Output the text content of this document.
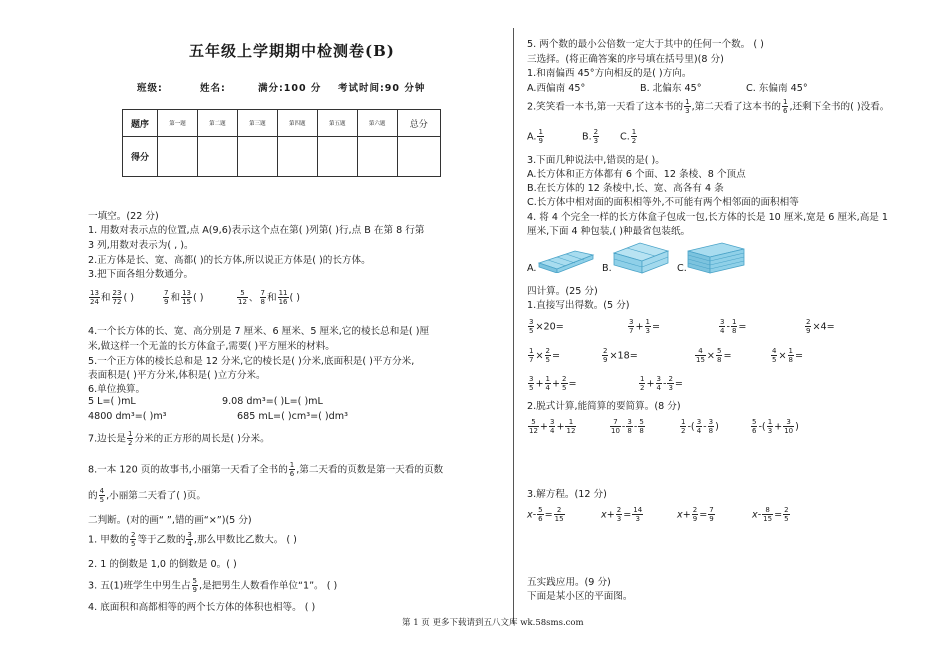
五年级上学期期中检测卷(B)
班级:	姓名:	满分:100 分 考试时间:90 分钟
题序	第一题	第二题	第三题	第四题	第五题	第六题	总分
得分							
一填空。(22 分)
1. 用数对表示点的位置,点 A(9,6)表示这个点在第( )列第( )行,点 B 在第 8 行第
3 列,用数对表示为( , )。
2.正方体是长、宽、高都( )的长方体,所以说正方体是( )的长方体。
3.把下面各组分数通分。
$\frac{13}{24}$ 和 $\frac{23}{72}$ ( )	$\frac{7}{9}$ 和 $\frac{13}{15}$ ( )	$\frac{5}{12}$ 、 $\frac{7}{8}$ 和 $\frac{11}{16}$ ( )
4.一个长方体的长、宽、高分别是 7 厘米、6 厘米、5 厘米,它的棱长总和是( )厘
米,做这样一个无盖的长方体盒子,需要( )平方厘米的材料。
5.一个正方体的棱长总和是 12 分米,它的棱长是( )分米,底面积是( )平方分米,
表面积是( )平方分米,体积是( )立方分米。
6.单位换算。
5 L=( )mL	9.08 dm³=( )L=( )mL
4800 dm³=( )m³	685 mL=( )cm³=( )dm³
7.边长是 $\frac{1}{2}$ 分米的正方形的周长是( )分米。
8.一本 120 页的故事书,小丽第一天看了全书的 $\frac{1}{6}$ ,第二天看的页数是第一天看的页数
的 $\frac{4}{5}$ ,小丽第二天看了( )页。
二判断。(对的画“ ”,错的画“×”)(5 分)
1. 甲数的 $\frac{2}{5}$ 等于乙数的 $\frac{3}{4}$ ,那么甲数比乙数大。 ( )
2. 1 的倒数是 1,0 的倒数是 0。( )
3. 五(1)班学生中男生占 $\frac{5}{9}$ ,是把男生人数看作单位“1”。 ( )
4. 底面积和高都相等的两个长方体的体积也相等。 ( )
5. 两个数的最小公倍数一定大于其中的任何一个数。 ( )
三选择。(将正确答案的序号填在括号里)(8 分)
1.和南偏西 45°方向相反的是( )方向。
A.西偏南 45°	B. 北偏东 45°	C. 东偏南 45°
2.笑笑看一本书,第一天看了这本书的 $\frac{1}{3}$ ,第二天看了这本书的 $\frac{1}{6}$ ,还剩下全书的( )没看。
A. $\frac{1}{9}$	B. $\frac{2}{3} C$. $\frac{1}{2}$
3.下面几种说法中,错误的是( )。
A.长方体和正方体都有 6 个面、12 条棱、8 个顶点
B.在长方体的 12 条棱中,长、宽、高各有 4 条
C.长方体中相对面的面积相等外,不可能有两个相邻面的面积相等
4. 将 4 个完全一样的长方体盒子包成一包,长方体的长是 10 厘米,宽是 6 厘米,高是 1
厘米,下面 4 种包装,( )种最省包装纸。
A.	B.	C.
四计算。(25 分)
1.直接写出得数。(5 分)
$\frac{3}{5} \times 20=$	$\frac{3}{7} + \frac{1}{3}$ =	$\frac{3}{4} - \frac{1}{8}$ =	$\frac{2}{9} \times 4=$
$\frac{1}{7} \times \frac{2}{5}$ =	$\frac{2}{9} \times 18=$	$\frac{4}{15} \times \frac{5}{8}$ =	$\frac{4}{5} \times \frac{1}{8}$ =
$\frac{3}{5} + \frac{1}{4} + \frac{2}{5}$ =	$\frac{1}{2} + \frac{3}{4} - \frac{2}{3}$ =
2.脱式计算,能简算的要简算。(8 分)
$\frac{5}{12} + \frac{3}{4} + \frac{1}{12}$	$\frac{7}{10} - \frac{3}{8} - \frac{5}{8}$	$\frac{1}{2}$ -( $\frac{3}{4} - \frac{3}{8}$ )	$\frac{5}{6}$ -( $\frac{1}{3} + \frac{3}{10}$ )
3.解方程。(12 分)
$x- \frac{5}{6} = \frac{2}{15}$	$x+ \frac{2}{3} = \frac{14}{3}$	$x+ \frac{2}{9} = \frac{7}{9}$	$x- \frac{8}{15} = \frac{2}{5}$
五实践应用。(9 分)
下面是某小区的平面图。
第 1 页 更多下载请到五八文库 wk.58sms.com
